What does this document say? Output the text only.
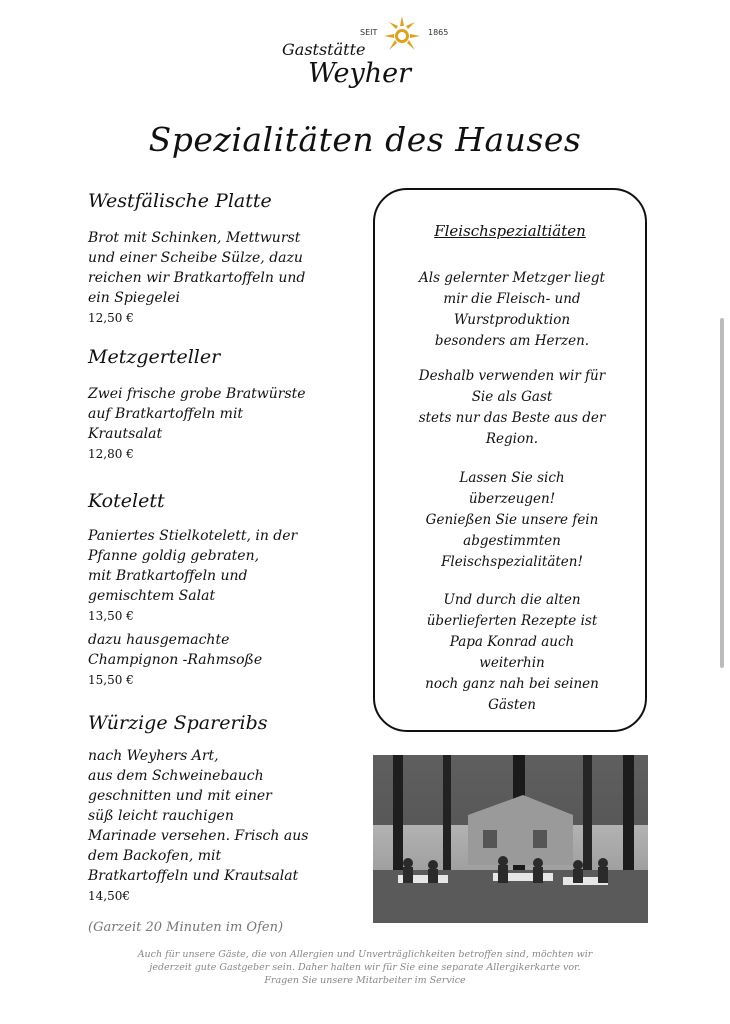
SEIT	1865
Gaststätte
Weyher
Spezialitäten des Hauses

Westfälische Platte

Brot mit Schinken, Mettwurst

und einer Scheibe Sülze, dazu

reichen wir Bratkartoffeln und

ein Spiegelei

12,50 €

Metzgerteller

Zwei frische grobe Bratwürste

auf Bratkartoffeln mit

Krautsalat

12,80 €

Kotelett

Paniertes Stielkotelett, in der

Pfanne goldig gebraten,

mit Bratkartoffeln und

gemischtem Salat

13,50 €

dazu hausgemachte

Champignon -Rahmsoße

15,50 €

Würzige Spareribs

nach Weyhers Art,

aus dem Schweinebauch

geschnitten und mit einer

süß leicht rauchigen

Marinade versehen. Frisch aus

dem Backofen, mit

Bratkartoffeln und Krautsalat

14,50€

Fleischspezialtiäten
Als gelernter Metzger liegt
mir die Fleisch- und
Wurstproduktion
besonders am Herzen.
Deshalb verwenden wir für
Sie als Gast
stets nur das Beste aus der
Region.
Lassen Sie sich
überzeugen!
Genießen Sie unsere fein
abgestimmten
Fleischspezialitäten!
Und durch die alten
überlieferten Rezepte ist
Papa Konrad auch
weiterhin
noch ganz nah bei seinen
Gästen
(Garzeit 20 Minuten im Ofen)
Auch für unsere Gäste, die von Allergien und Unverträglichkeiten betroffen sind, möchten wir
jederzeit gute Gastgeber sein. Daher halten wir für Sie eine separate Allergikerkarte vor.
Fragen Sie unsere Mitarbeiter im Service
